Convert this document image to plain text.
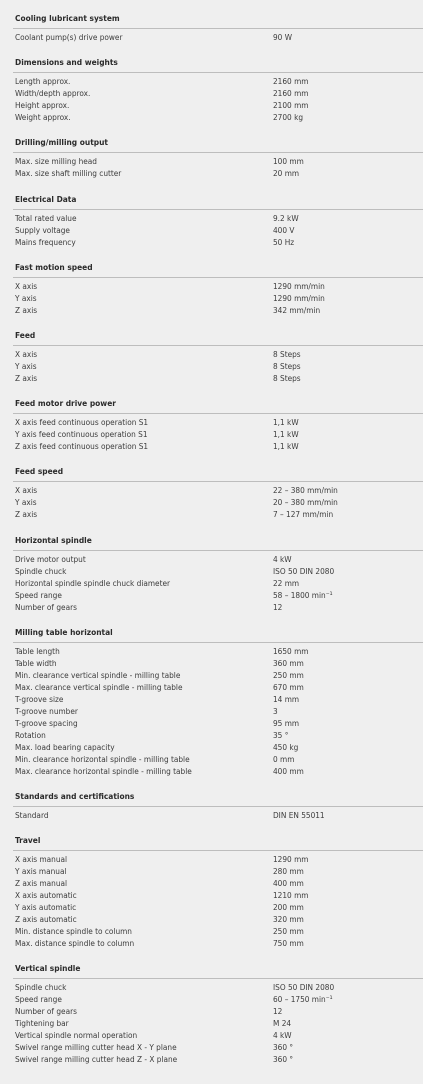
Cooling lubricant system
Coolant pump(s) drive power	90 W
Dimensions and weights
Length approx.	2160 mm
Width/depth approx.	2160 mm
Height approx.	2100 mm
Weight approx.	2700 kg
Drilling/milling output
Max. size milling head	100 mm
Max. size shaft milling cutter	20 mm
Electrical Data
Total rated value	9.2 kW
Supply voltage	400 V
Mains frequency	50 Hz
Fast motion speed
X axis	1290 mm/min
Y axis	1290 mm/min
Z axis	342 mm/min
Feed
X axis	8 Steps
Y axis	8 Steps
Z axis	8 Steps
Feed motor drive power
X axis feed continuous operation S1	1,1 kW
Y axis feed continuous operation S1	1,1 kW
Z axis feed continuous operation S1	1,1 kW
Feed speed
X axis	22 – 380 mm/min
Y axis	20 – 380 mm/min
Z axis	7 – 127 mm/min
Horizontal spindle
Drive motor output	4 kW
Spindle chuck	ISO 50 DIN 2080
Horizontal spindle spindle chuck diameter	22 mm
Speed range	58 – 1800 min⁻¹
Number of gears	12
Milling table horizontal
Table length	1650 mm
Table width	360 mm
Min. clearance vertical spindle - milling table	250 mm
Max. clearance vertical spindle - milling table	670 mm
T-groove size	14 mm
T-groove number	3
T-groove spacing	95 mm
Rotation	35 °
Max. load bearing capacity	450 kg
Min. clearance horizontal spindle - milling table	0 mm
Max. clearance horizontal spindle - milling table	400 mm
Standards and certifications
Standard	DIN EN 55011
Travel
X axis manual	1290 mm
Y axis manual	280 mm
Z axis manual	400 mm
X axis automatic	1210 mm
Y axis automatic	200 mm
Z axis automatic	320 mm
Min. distance spindle to column	250 mm
Max. distance spindle to column	750 mm
Vertical spindle
Spindle chuck	ISO 50 DIN 2080
Speed range	60 – 1750 min⁻¹
Number of gears	12
Tightening bar	M 24
Vertical spindle normal operation	4 kW
Swivel range milling cutter head X - Y plane	360 °
Swivel range milling cutter head Z - X plane	360 °
